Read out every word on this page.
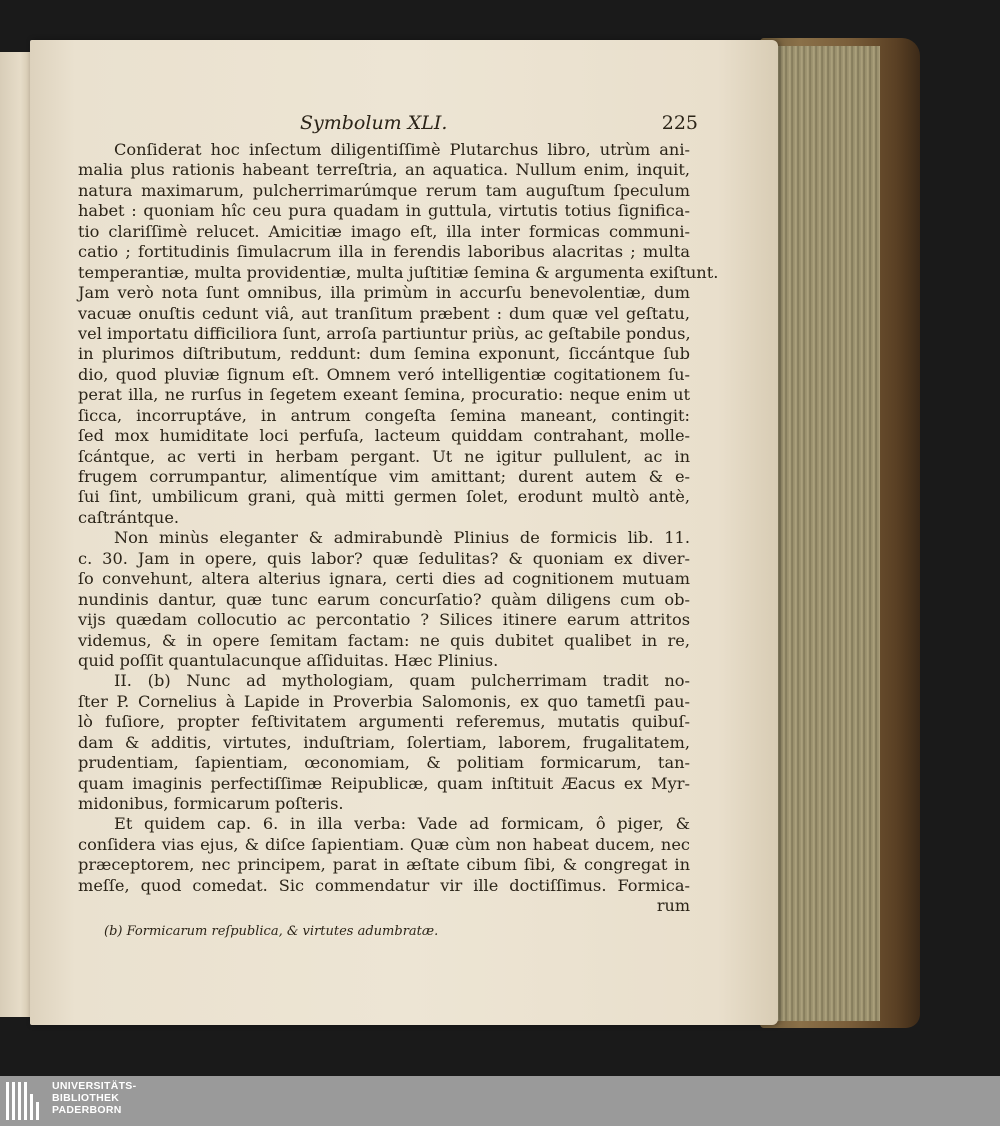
Symbolum XLI.	225
Conſiderat hoc inſectum diligentiſſimè Plutarchus libro, utrùm ani-
malia plus rationis habeant terreſtria, an aquatica. Nullum enim, inquit,
natura maximarum, pulcherrimarúmque rerum tam auguſtum ſpeculum
habet : quoniam hîc ceu pura quadam in guttula, virtutis totius ſignifica-
tio clariſſimè relucet. Amicitiæ imago eſt, illa inter formicas communi-
catio ; fortitudinis ſimulacrum illa in ferendis laboribus alacritas ; multa
temperantiæ, multa providentiæ, multa juſtitiæ ſemina & argumenta exiſtunt.
Jam verò nota ſunt omnibus, illa primùm in accurſu benevolentiæ, dum
vacuæ onuſtis cedunt viâ, aut tranſitum præbent : dum quæ vel geſtatu,
vel importatu difficiliora ſunt, arroſa partiuntur priùs, ac geſtabile pondus,
in plurimos diſtributum, reddunt: dum ſemina exponunt, ſiccántque ſub
dio, quod pluviæ ſignum eſt. Omnem veró intelligentiæ cogitationem ſu-
perat illa, ne rurſus in ſegetem exeant ſemina, procuratio: neque enim ut
ſicca, incorruptáve, in antrum congeſta ſemina maneant, contingit:
ſed mox humiditate loci perfuſa, lacteum quiddam contrahant, molle-
ſcántque, ac verti in herbam pergant. Ut ne igitur pullulent, ac in
frugem corrumpantur, alimentíque vim amittant; durent autem & e-
ſui ſint, umbilicum grani, quà mitti germen ſolet, erodunt multò antè,
caſtrántque.
Non minùs eleganter & admirabundè Plinius de formicis lib. 11.
c. 30. Jam in opere, quis labor? quæ ſedulitas? & quoniam ex diver-
ſo convehunt, altera alterius ignara, certi dies ad cognitionem mutuam
nundinis dantur, quæ tunc earum concurſatio? quàm diligens cum ob-
vijs quædam collocutio ac percontatio ? Silices itinere earum attritos
videmus, & in opere ſemitam factam: ne quis dubitet qualibet in re,
quid poſſit quantulacunque aſſiduitas. Hæc Plinius.
II. (b) Nunc ad mythologiam, quam pulcherrimam tradit no-
ſter P. Cornelius à Lapide in Proverbia Salomonis, ex quo tametſi pau-
lò fuſiore, propter feſtivitatem argumenti referemus, mutatis quibuſ-
dam & additis, virtutes, induſtriam, ſolertiam, laborem, frugalitatem,
prudentiam, ſapientiam, œconomiam, & politiam formicarum, tan-
quam imaginis perfectiſſimæ Reipublicæ, quam inſtituit Æacus ex Myr-
midonibus, formicarum poſteris.
Et quidem cap. 6. in illa verba: Vade ad formicam, ô piger, &
conſidera vias ejus, & diſce ſapientiam. Quæ cùm non habeat ducem, nec
præceptorem, nec principem, parat in æſtate cibum ſibi, & congregat in
meſſe, quod comedat. Sic commendatur vir ille doctiſſimus. Formica-
rum
(b) Formicarum reſpublica, & virtutes adumbratæ.
UNIVERSITÄTS-
BIBLIOTHEK
PADERBORN
